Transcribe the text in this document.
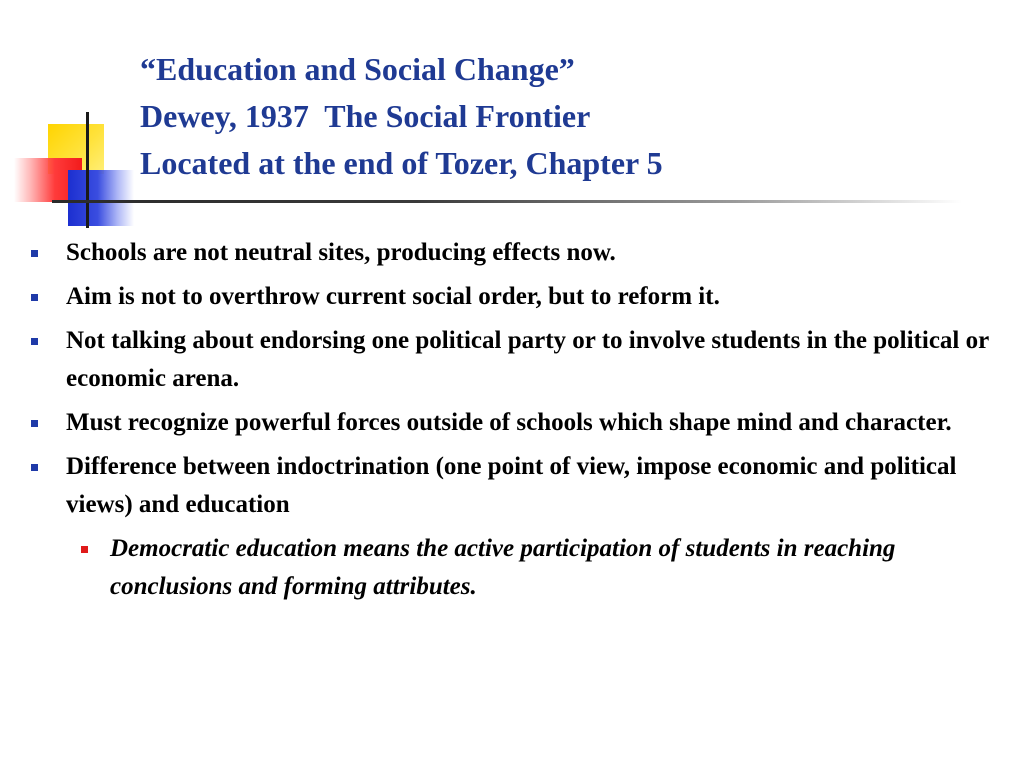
“Education and Social Change”
Dewey, 1937  The Social Frontier
Located at the end of Tozer, Chapter 5
Schools are not neutral sites, producing effects now.
Aim is not to overthrow current social order, but to reform it.
Not talking about endorsing one political party or to involve students in the political or economic arena.
Must recognize powerful forces outside of schools which shape mind and character.
Difference between indoctrination (one point of view, impose economic and political views) and education
Democratic education means the active participation of students in reaching conclusions and forming attributes.
